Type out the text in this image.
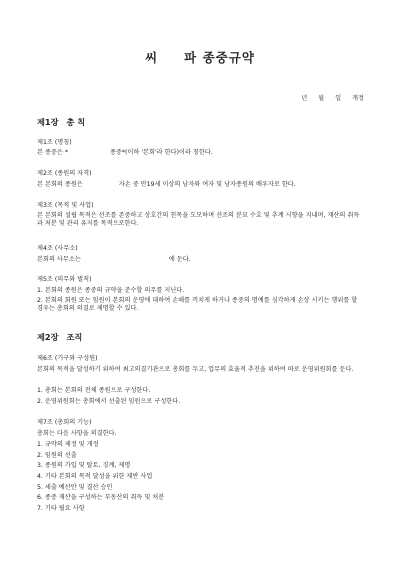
씨 파 종중규약
년 월 일 개정
제1장 총 칙
제1조 (명칭)
본 종중은 *	종중*(이하 '본회'라 한다)이라 칭한다.
제2조 (종원의 자격)
본 본회의 종원은	자손 중 만19세 이상의 남자와 여자 및 남자종원의 배우자로 한다.
제3조 (목적 및 사업)
본 본회의 설립 목적은 선조를 존중하고 상호간의 친목을 도모하며 선조의 분묘 수호 및 추계 시향을 지내며, 재산의 취득과 처분 및 관리 유지를 목적으로한다.
제4조 (사무소)
본회의 사무소는	에 둔다.
제5조 (의무와 벌칙)
1. 본회의 종원은 종중의 규약을 준수할 의무를 지닌다.
2. 본회의 회원 또는 임원이 본회의 운영에 대하여 손해를 끼치게 하거나 종중의 명예를 심각하게 손상 시키는 행위를 할 경우는 총회의 의결로 제명할 수 있다.
제2장 조직
제6조 (기구와 구성원)
본회의 목적을 달성하기 위하여 최고의결기관으로 총회를 두고, 업무의 효율적 추진을 위하여 따로 운영위원회를 둔다.
1. 총회는 본회의 전체 종원으로 구성한다.
2. 운영위원회는 총회에서 선출된 임원으로 구성한다.
제7조 (총회의 기능)
총회는 다음 사항을 의결한다.
1. 규약의 제정 및 개정
2. 임원의 선출
3. 종원의 가입 및 탈토, 징계, 제명
4. 기타 본회의 목적 달성을 위한 제반 사업
5. 세출 예산안 및 결산 승인
6. 종중 재산을 구성하는 부동산의 취득 및 처분
7. 기타 필요 사항
